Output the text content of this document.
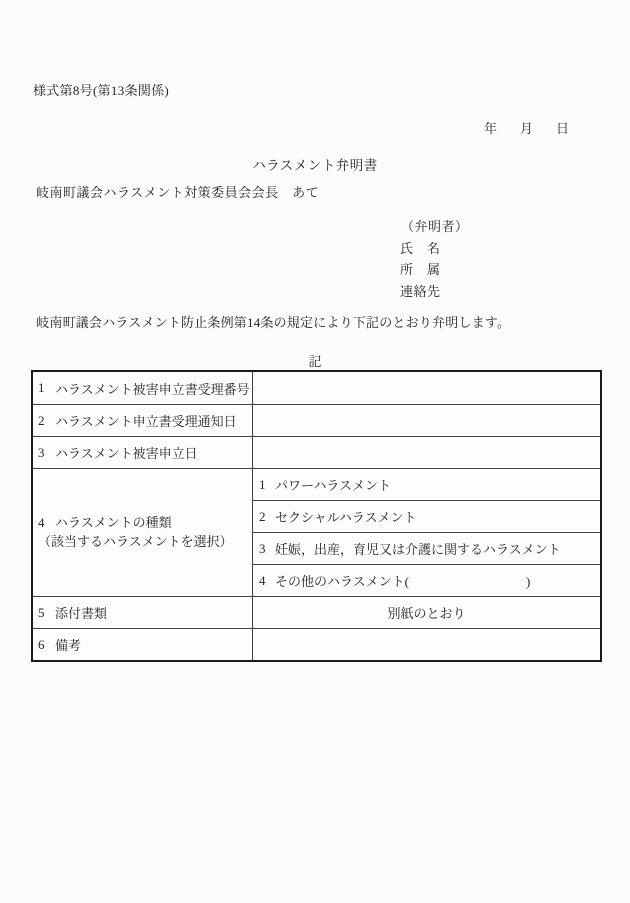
様式第8号(第13条関係)
年 月 日
ハラスメント弁明書
岐南町議会ハラスメント対策委員会会長　あて
（弁明者）
氏　名
所　属
連絡先
　岐南町議会ハラスメント防止条例第14条の規定により下記のとおり弁明します。
記
1 ハラスメント被害申立書受理番号
2 ハラスメント申立書受理通知日
3 ハラスメント被害申立日
4 ハラスメントの種類
（該当するハラスメントを選択）
1 パワーハラスメント
2 セクシャルハラスメント
3 妊娠，出産，育児又は介護に関するハラスメント
4 その他のハラスメント(　　　　　　　　　)
5 添付書類	別紙のとおり
6 備考
